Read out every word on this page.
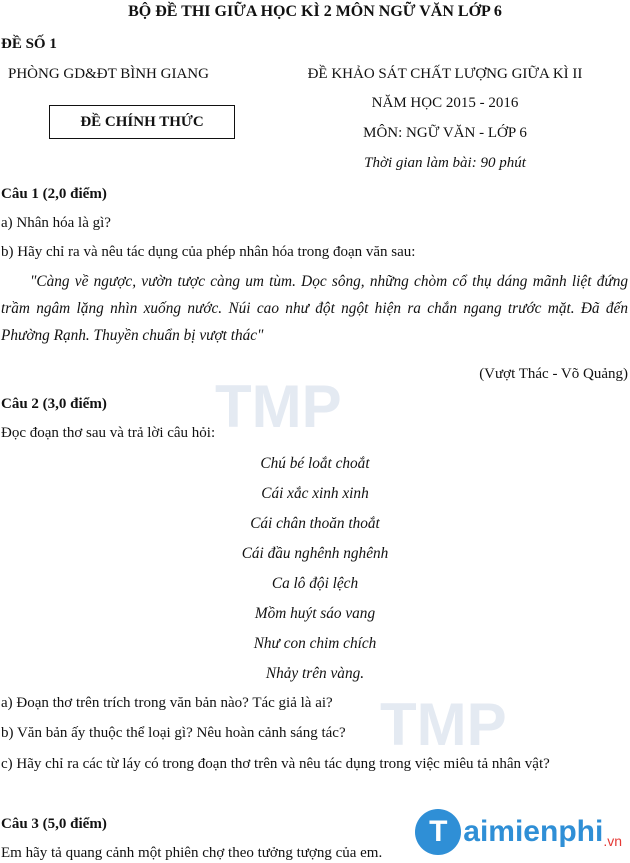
TMP
TMP
BỘ ĐỀ THI GIỮA HỌC KÌ 2 MÔN NGỮ VĂN LỚP 6
ĐỀ SỐ 1
PHÒNG GD&ĐT BÌNH GIANG
ĐỀ CHÍNH THỨC
ĐỀ KHẢO SÁT CHẤT LƯỢNG GIỮA KÌ II
NĂM HỌC 2015 - 2016
MÔN: NGỮ VĂN - LỚP 6
Thời gian làm bài: 90 phút
Câu 1 (2,0 điểm)
a) Nhân hóa là gì?
b) Hãy chỉ ra và nêu tác dụng của phép nhân hóa trong đoạn văn sau:
"Càng về ngược, vườn tược càng um tùm. Dọc sông, những chòm cổ thụ dáng mãnh liệt đứng trầm ngâm lặng nhìn xuống nước. Núi cao như đột ngột hiện ra chắn ngang trước mặt. Đã đến Phường Rạnh. Thuyền chuẩn bị vượt thác"
(Vượt Thác - Võ Quảng)
Câu 2 (3,0 điểm)
Đọc đoạn thơ sau và trả lời câu hỏi:
Chú bé loắt choắt
Cái xắc xinh xinh
Cái chân thoăn thoắt
Cái đầu nghênh nghênh
Ca lô đội lệch
Mồm huýt sáo vang
Như con chim chích
Nhảy trên vàng.
a) Đoạn thơ trên trích trong văn bản nào? Tác giả là ai?
b) Văn bản ấy thuộc thể loại gì? Nêu hoàn cảnh sáng tác?
c) Hãy chỉ ra các từ láy có trong đoạn thơ trên và nêu tác dụng trong việc miêu tả nhân vật?
Câu 3 (5,0 điểm)
Em hãy tả quang cảnh một phiên chợ theo tưởng tượng của em.
T aimienphi .vn
